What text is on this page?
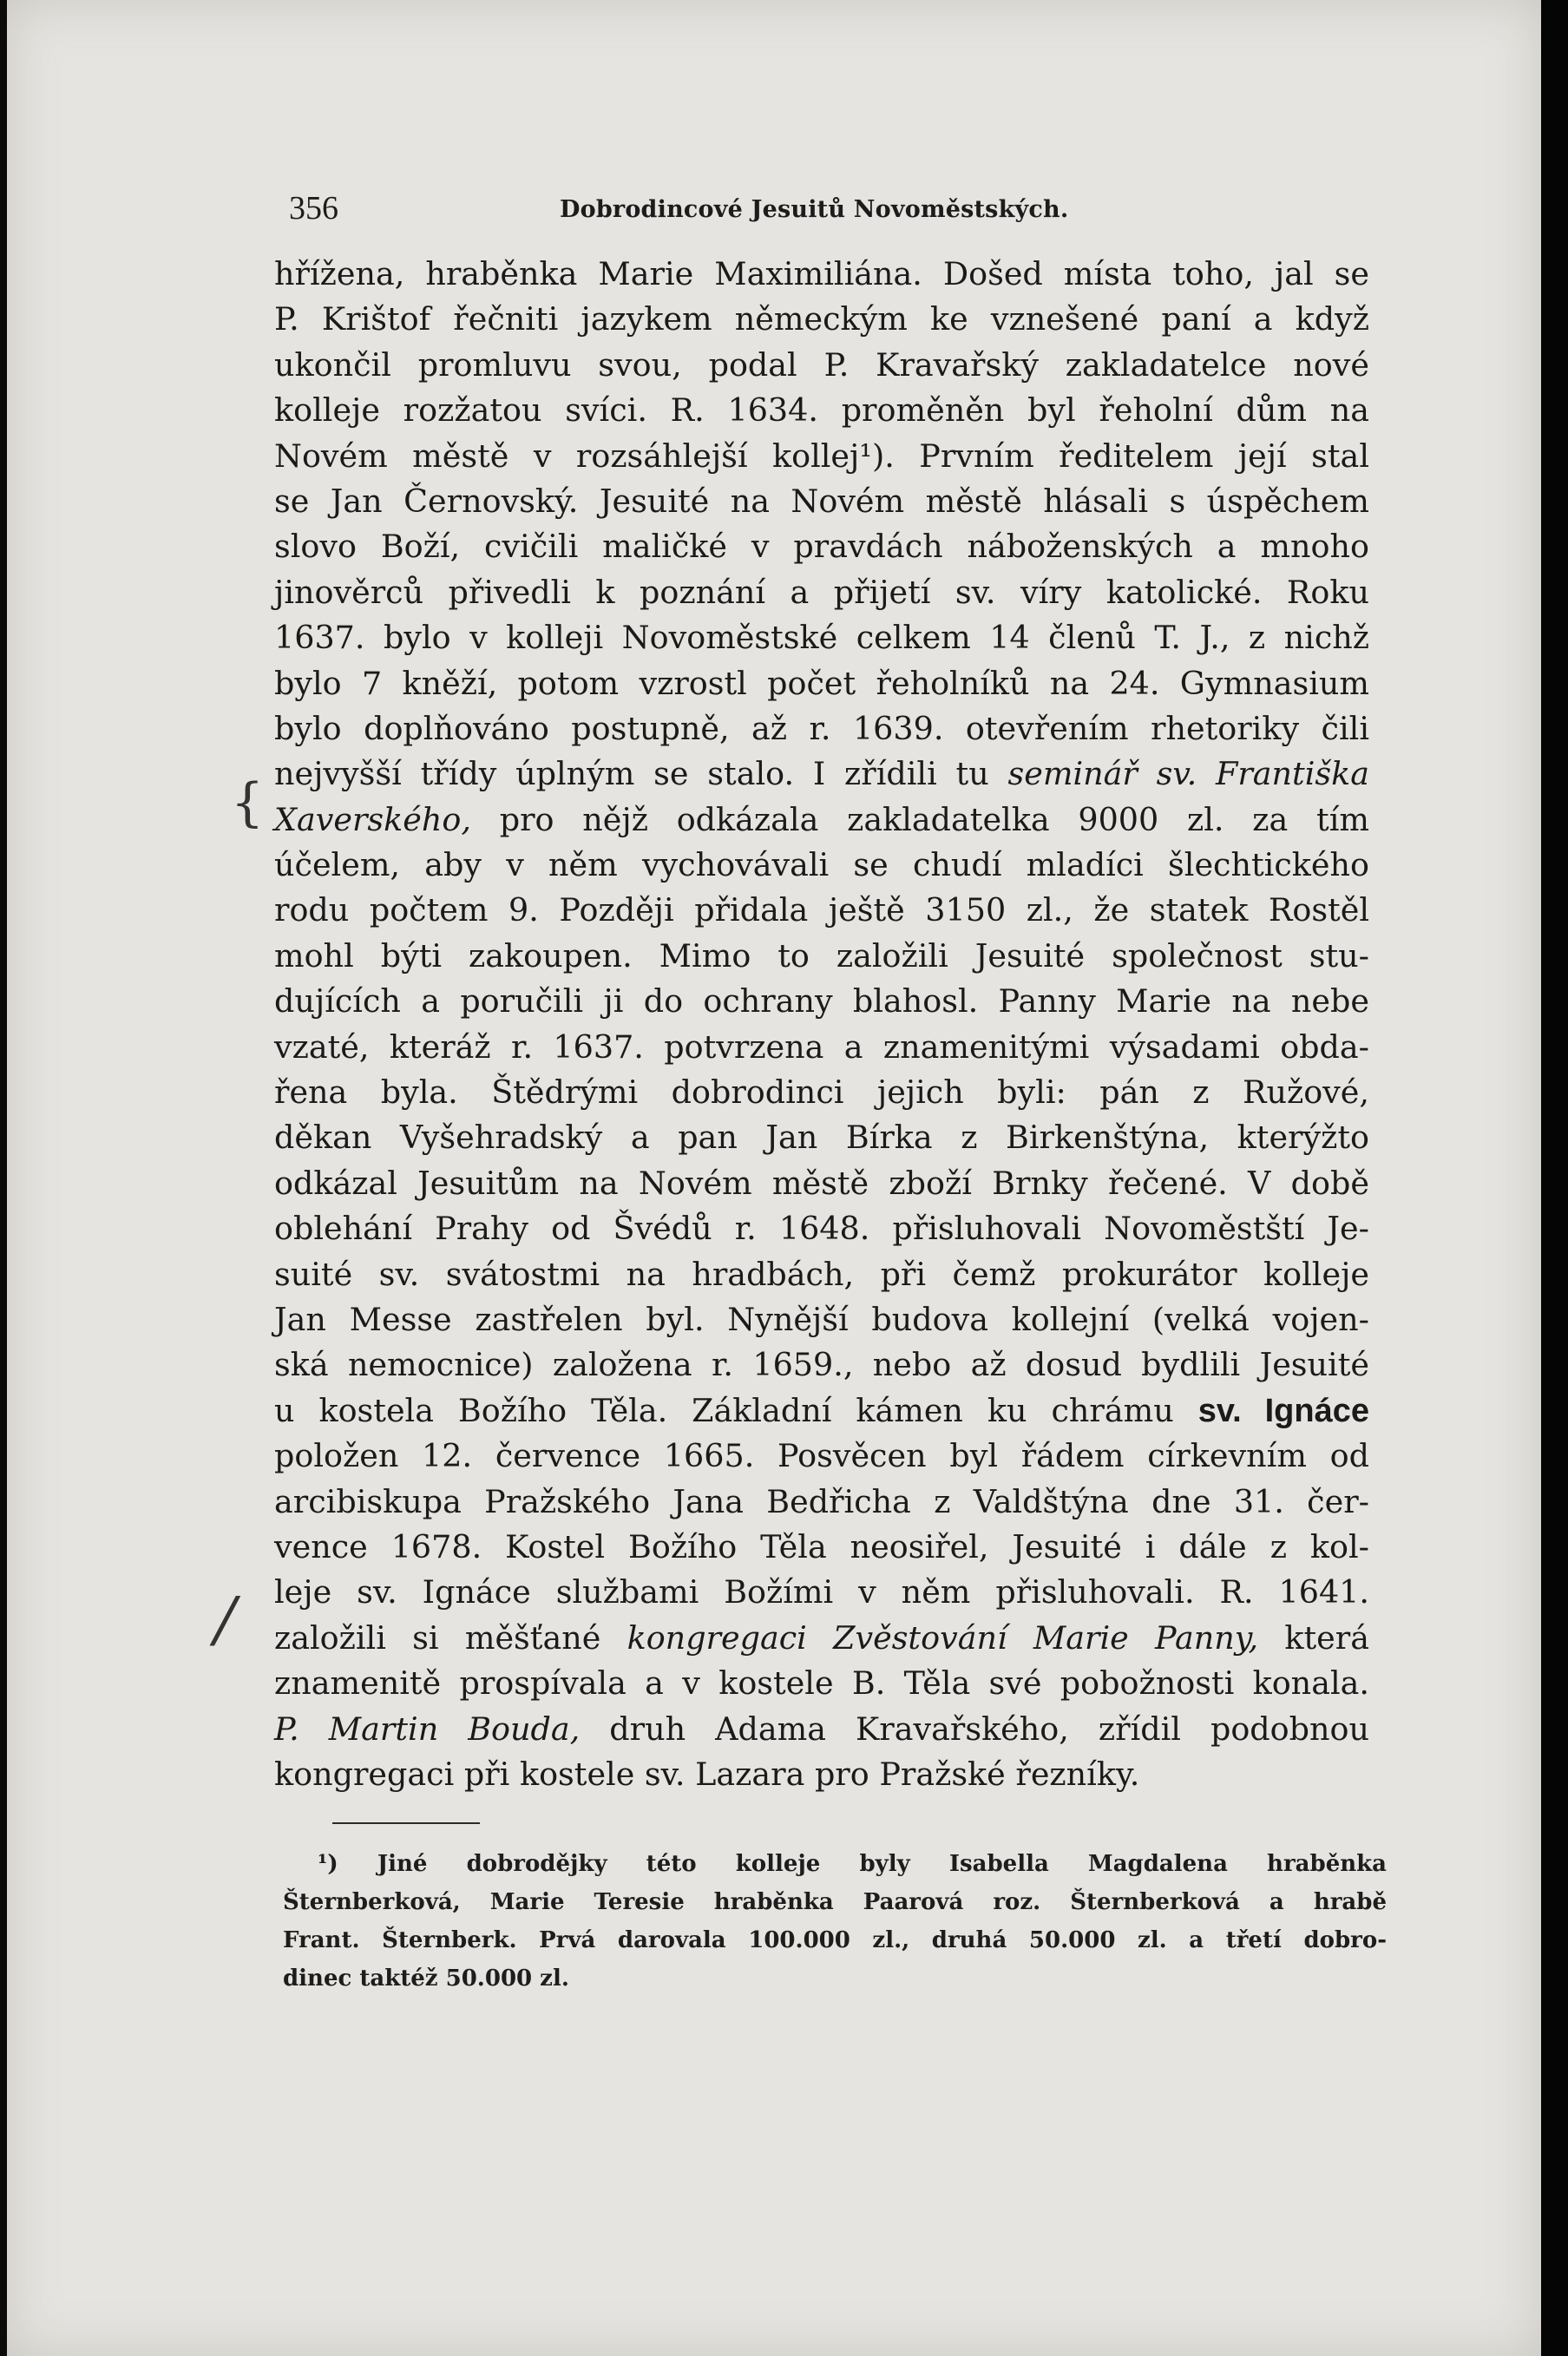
356	Dobrodincové Jesuitů Novoměstských.
hřížena, hraběnka Marie Maximiliána. Došed místa toho, jal se
P. Krištof řečniti jazykem německým ke vznešené paní a když
ukončil promluvu svou, podal P. Kravařský zakladatelce nové
kolleje rozžatou svíci. R. 1634. proměněn byl řeholní dům na
Novém městě v rozsáhlejší kollej¹). Prvním ředitelem její stal
se Jan Černovský. Jesuité na Novém městě hlásali s úspěchem
slovo Boží, cvičili maličké v pravdách náboženských a mnoho
jinověrců přivedli k poznání a přijetí sv. víry katolické. Roku
1637. bylo v kolleji Novoměstské celkem 14 členů T. J., z nichž
bylo 7 kněží, potom vzrostl počet řeholníků na 24. Gymnasium
bylo doplňováno postupně, až r. 1639. otevřením rhetoriky čili
nejvyšší třídy úplným se stalo. I zřídili tu seminář sv. Františka
Xaverského, pro nějž odkázala zakladatelka 9000 zl. za tím
účelem, aby v něm vychovávali se chudí mladíci šlechtického
rodu počtem 9. Později přidala ještě 3150 zl., že statek Rostěl
mohl býti zakoupen. Mimo to založili Jesuité společnost stu-
dujících a poručili ji do ochrany blahosl. Panny Marie na nebe
vzaté, kteráž r. 1637. potvrzena a znamenitými výsadami obda-
řena byla. Štědrými dobrodinci jejich byli: pán z Ružové,
děkan Vyšehradský a pan Jan Bírka z Birkenštýna, kterýžto
odkázal Jesuitům na Novém městě zboží Brnky řečené. V době
oblehání Prahy od Švédů r. 1648. přisluhovali Novoměstští Je-
suité sv. svátostmi na hradbách, při čemž prokurátor kolleje
Jan Messe zastřelen byl. Nynější budova kollejní (velká vojen-
ská nemocnice) založena r. 1659., nebo až dosud bydlili Jesuité
u kostela Božího Těla. Základní kámen ku chrámu sv. Ignáce
položen 12. července 1665. Posvěcen byl řádem církevním od
arcibiskupa Pražského Jana Bedřicha z Valdštýna dne 31. čer-
vence 1678. Kostel Božího Těla neosiřel, Jesuité i dále z kol-
leje sv. Ignáce službami Božími v něm přisluhovali. R. 1641.
založili si měšťané kongregaci Zvěstování Marie Panny, která
znamenitě prospívala a v kostele B. Těla své pobožnosti konala.
P. Martin Bouda, druh Adama Kravařského, zřídil podobnou
kongregaci při kostele sv. Lazara pro Pražské řezníky.
¹) Jiné dobrodějky této kolleje byly Isabella Magdalena hraběnka
Šternberková, Marie Teresie hraběnka Paarová roz. Šternberková a hrabě
Frant. Šternberk. Prvá darovala 100.000 zl., druhá 50.000 zl. a třetí dobro-
dinec taktéž 50.000 zl.
{
/
